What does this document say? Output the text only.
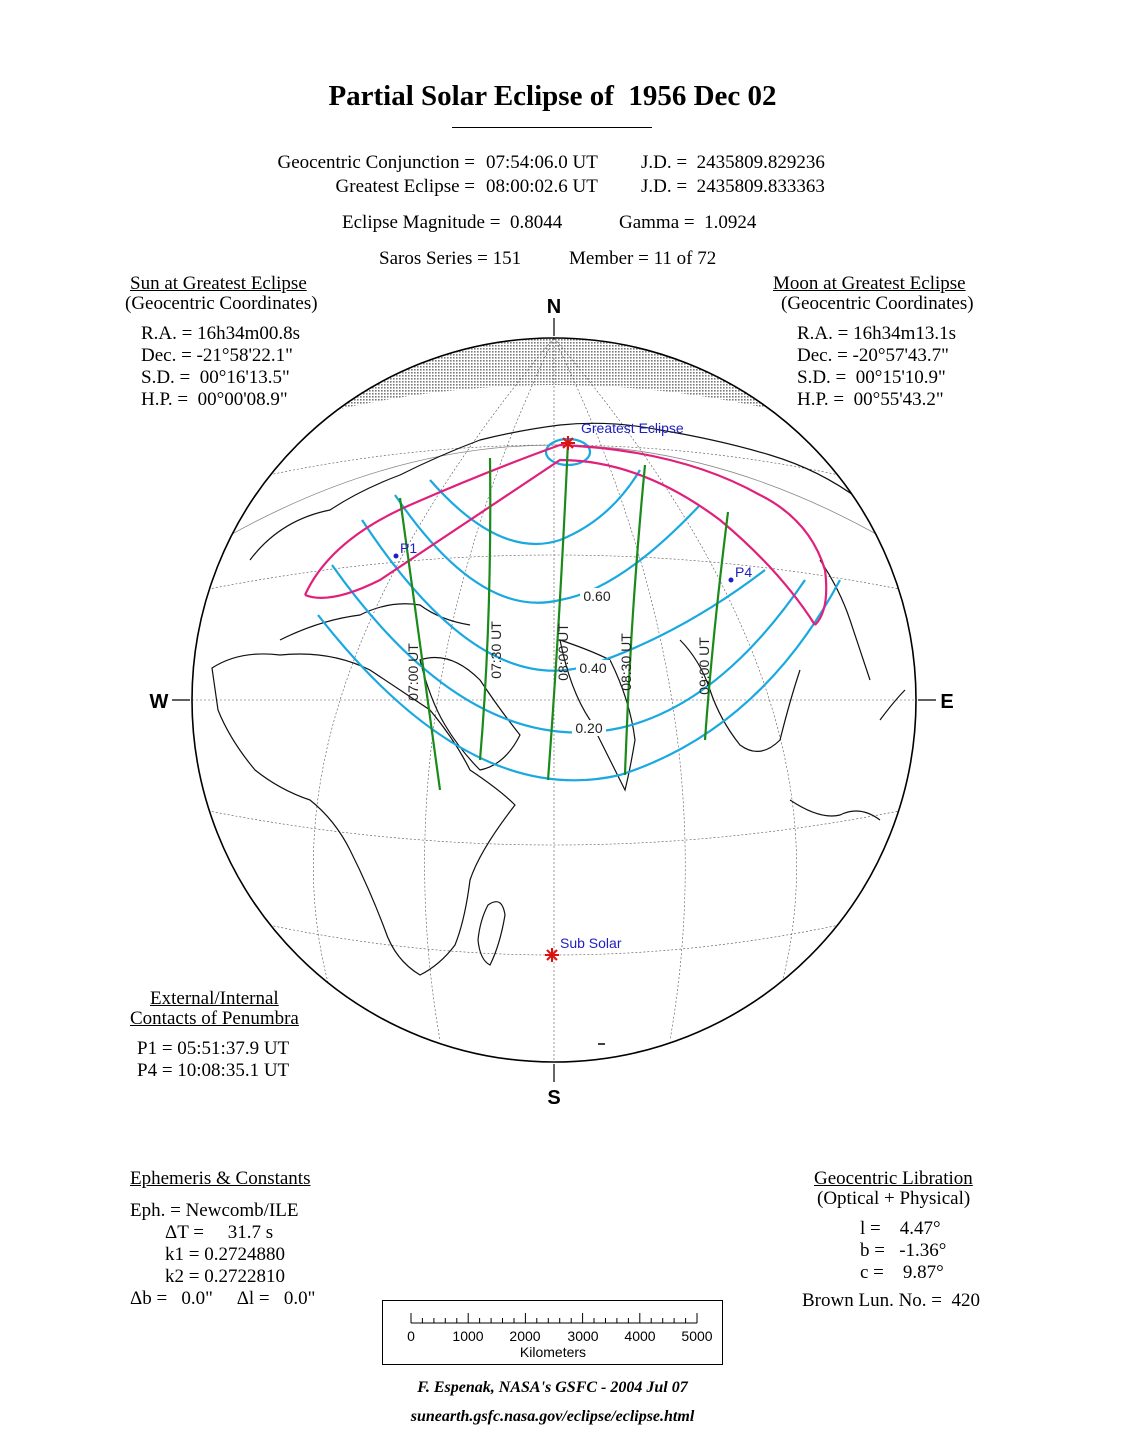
Partial Solar Eclipse of  1956 Dec 02
Geocentric Conjunction = 07:54:06.0 UT J.D. =  2435809.829236
Greatest Eclipse = 08:00:02.6 UT J.D. =  2435809.833363
Eclipse Magnitude =  0.8044	Gamma =  1.0924
Saros Series = 151	Member = 11 of 72
Sun at Greatest Eclipse
(Geocentric Coordinates)
R.A. = 16h34m00.8s
Dec. = -21°58'22.1"
S.D. =  00°16'13.5"
H.P. =  00°00'08.9"
Moon at Greatest Eclipse
(Geocentric Coordinates)
R.A. = 16h34m13.1s
Dec. = -20°57'43.7"
S.D. =  00°15'10.9"
H.P. =  00°55'43.2"
N
S
W	E
Greatest Eclipse
Sub Solar
P1
P4
07:00 UT	07:30 UT	08:00 UT	08:30 UT	09:00 UT
0.60
0.40
0.20
External/Internal
Contacts of Penumbra
P1 = 05:51:37.9 UT
P4 = 10:08:35.1 UT
Ephemeris & Constants
Eph. = Newcomb/ILE
ΔT =     31.7 s
k1 = 0.2724880
k2 = 0.2722810
Δb =   0.0"     Δl =   0.0"
Geocentric Libration
(Optical + Physical)
l =    4.47°
b =   -1.36°
c =    9.87°
Brown Lun. No. =  420
0	1000 2000 3000 4000 5000
Kilometers
F. Espenak, NASA's GSFC - 2004 Jul 07
sunearth.gsfc.nasa.gov/eclipse/eclipse.html
